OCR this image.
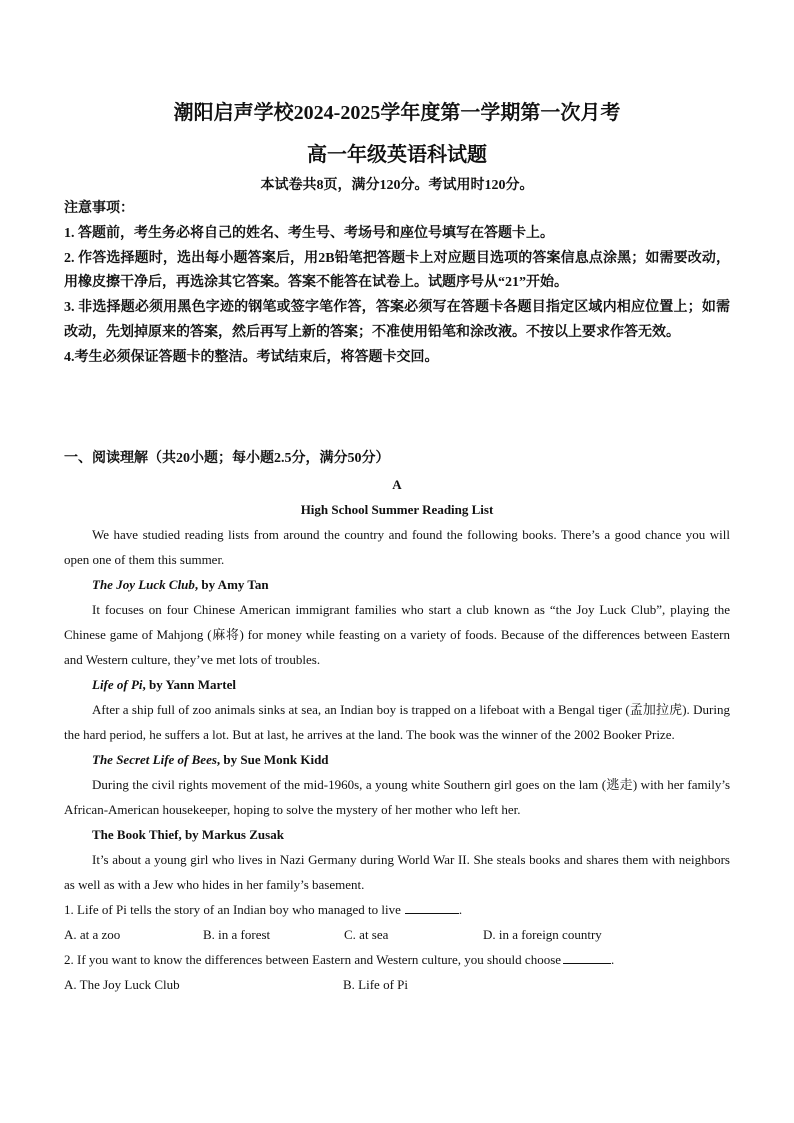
潮阳启声学校2024-2025学年度第一学期第一次月考
高一年级英语科试题
本试卷共8页，满分120分。考试用时120分。

注意事项：

1. 答题前，考生务必将自己的姓名、考生号、考场号和座位号填写在答题卡上。

2. 作答选择题时，选出每小题答案后，用2B铅笔把答题卡上对应题目选项的答案信息点涂黑；如需要改动，用橡皮擦干净后，再选涂其它答案。答案不能答在试卷上。试题序号从“21”开始。

3. 非选择题必须用黑色字迹的钢笔或签字笔作答，答案必须写在答题卡各题目指定区域内相应位置上；如需改动，先划掉原来的答案，然后再写上新的答案；不准使用铅笔和涂改液。不按以上要求作答无效。

4.考生必须保证答题卡的整洁。考试结束后，将答题卡交回。

一、阅读理解（共20小题；每小题2.5分，满分50分）

A

High School Summer Reading List

We have studied reading lists from around the country and found the following books. There’s a good chance you will open one of them this summer.

The Joy Luck Club, by Amy Tan

It focuses on four Chinese American immigrant families who start a club known as “the Joy Luck Club”, playing the Chinese game of Mahjong (麻将) for money while feasting on a variety of foods. Because of the differences between Eastern and Western culture, they’ve met lots of troubles.

Life of Pi, by Yann Martel

After a ship full of zoo animals sinks at sea, an Indian boy is trapped on a lifeboat with a Bengal tiger (孟加拉虎). During the hard period, he suffers a lot. But at last, he arrives at the land. The book was the winner of the 2002 Booker Prize.

The Secret Life of Bees, by Sue Monk Kidd

During the civil rights movement of the mid-1960s, a young white Southern girl goes on the lam (逃走) with her family’s African-American housekeeper, hoping to solve the mystery of her mother who left her.

The Book Thief, by Markus Zusak

It’s about a young girl who lives in Nazi Germany during World War II. She steals books and shares them with neighbors as well as with a Jew who hides in her family’s basement.

1. Life of Pi tells the story of an Indian boy who managed to live	.

A. at a zoo	B. in a forest	C. at sea	D. in a foreign country

2. If you want to know the differences between Eastern and Western culture, you should choose	.

A. The Joy Luck Club	B. Life of Pi
